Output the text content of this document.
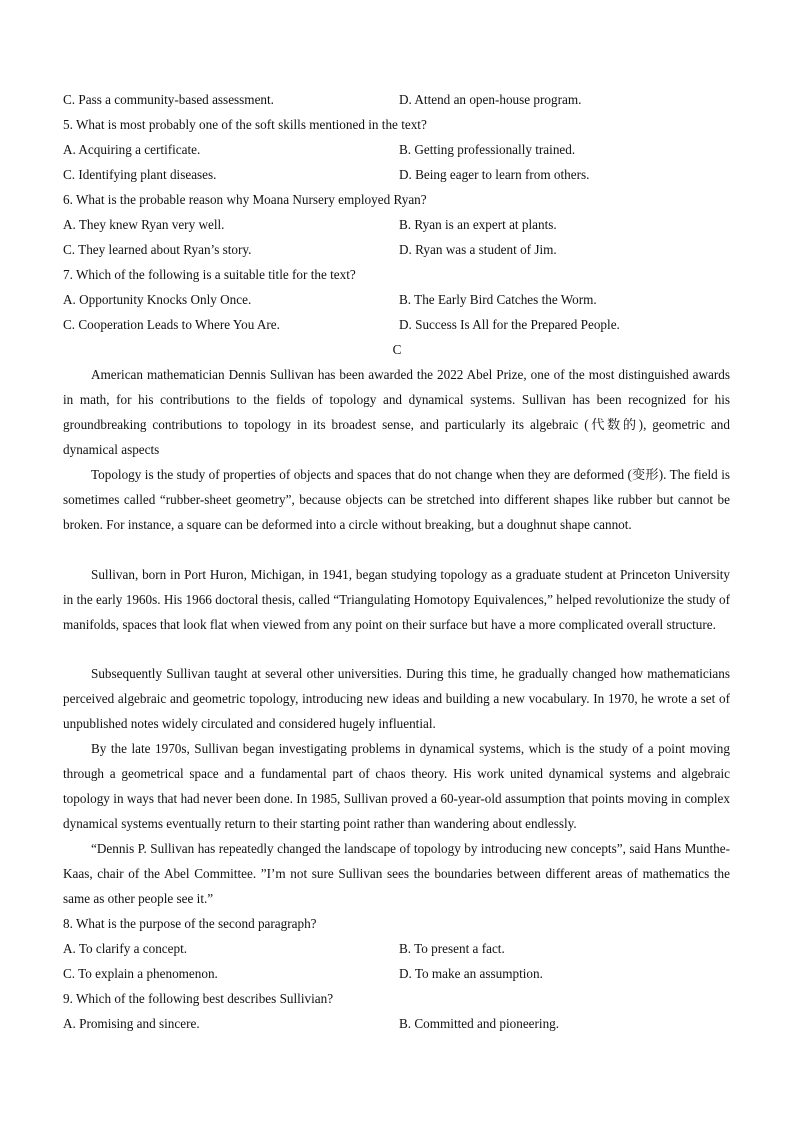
C. Pass a community-based assessment.	D. Attend an open-house program.
5. What is most probably one of the soft skills mentioned in the text?
A. Acquiring a certificate.	B. Getting professionally trained.
C. Identifying plant diseases.	D. Being eager to learn from others.
6. What is the probable reason why Moana Nursery employed Ryan?
A. They knew Ryan very well.	B. Ryan is an expert at plants.
C. They learned about Ryan’s story.	D. Ryan was a student of Jim.
7. Which of the following is a suitable title for the text?
A. Opportunity Knocks Only Once.	B. The Early Bird Catches the Worm.
C. Cooperation Leads to Where You Are.	D. Success Is All for the Prepared People.
C
American mathematician Dennis Sullivan has been awarded the 2022 Abel Prize, one of the most distinguished awards in math, for his contributions to the fields of topology and dynamical systems. Sullivan has been recognized for his groundbreaking contributions to topology in its broadest sense, and particularly its algebraic (代数的), geometric and dynamical aspects
Topology is the study of properties of objects and spaces that do not change when they are deformed (变形). The field is sometimes called “rubber-sheet geometry”, because objects can be stretched into different shapes like rubber but cannot be broken. For instance, a square can be deformed into a circle without breaking, but a doughnut shape cannot.
Sullivan, born in Port Huron, Michigan, in 1941, began studying topology as a graduate student at Princeton University in the early 1960s. His 1966 doctoral thesis, called “Triangulating Homotopy Equivalences,” helped revolutionize the study of manifolds, spaces that look flat when viewed from any point on their surface but have a more complicated overall structure.
Subsequently Sullivan taught at several other universities. During this time, he gradually changed how mathematicians perceived algebraic and geometric topology, introducing new ideas and building a new vocabulary. In 1970, he wrote a set of unpublished notes widely circulated and considered hugely influential.
By the late 1970s, Sullivan began investigating problems in dynamical systems, which is the study of a point moving through a geometrical space and a fundamental part of chaos theory. His work united dynamical systems and algebraic topology in ways that had never been done. In 1985, Sullivan proved a 60-year-old assumption that points moving in complex dynamical systems eventually return to their starting point rather than wandering about endlessly.
“Dennis P. Sullivan has repeatedly changed the landscape of topology by introducing new concepts”, said Hans Munthe-Kaas, chair of the Abel Committee. ”I’m not sure Sullivan sees the boundaries between different areas of mathematics the same as other people see it.”
8. What is the purpose of the second paragraph?
A. To clarify a concept.	B. To present a fact.
C. To explain a phenomenon.	D. To make an assumption.
9. Which of the following best describes Sullivian?
A. Promising and sincere.	B. Committed and pioneering.
